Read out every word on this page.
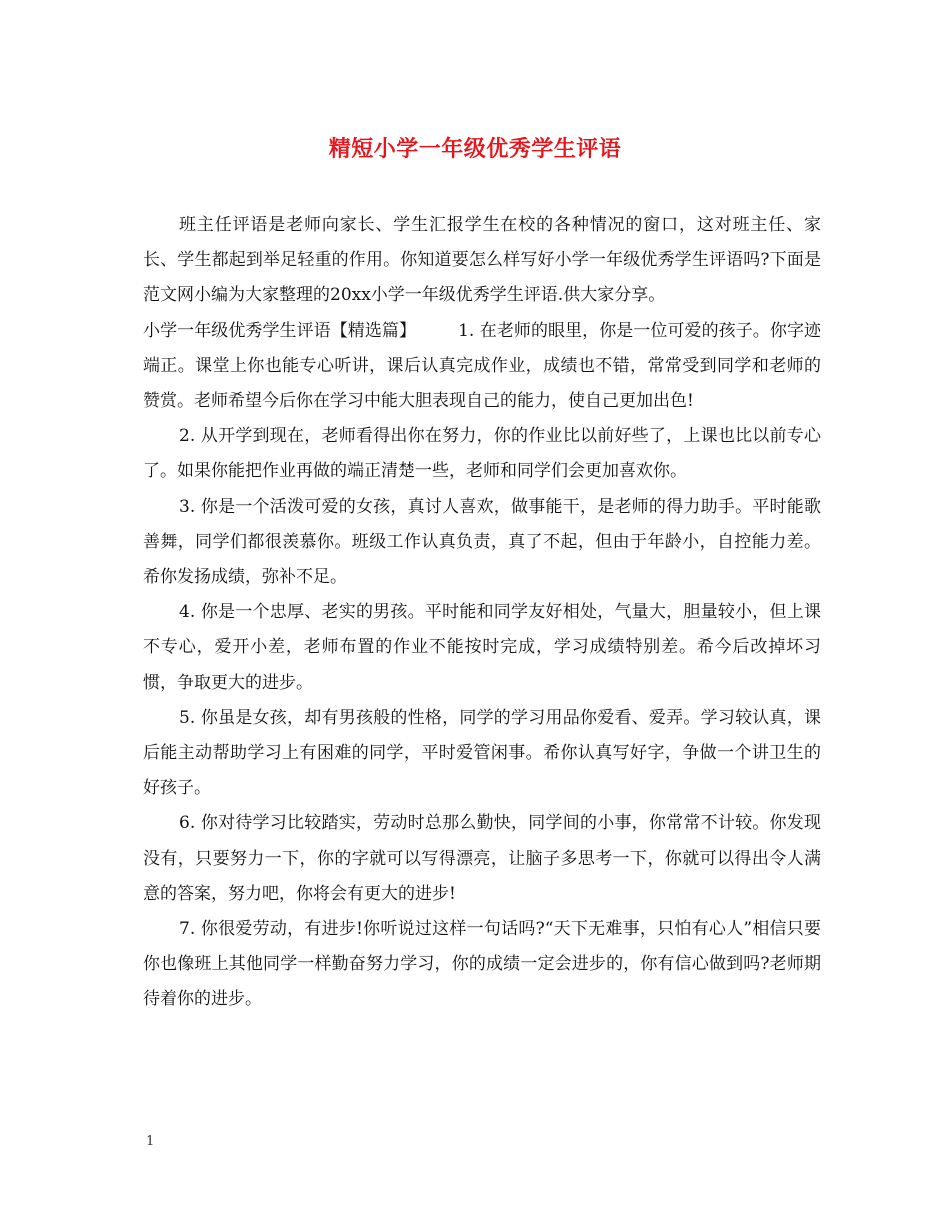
精短小学一年级优秀学生评语

班主任评语是老师向家长、学生汇报学生在校的各种情况的窗口，这对班主任、家长、学生都起到举足轻重的作用。你知道要怎么样写好小学一年级优秀学生评语吗?下面是范文网小编为大家整理的20xx小学一年级优秀学生评语.供大家分享。

小学一年级优秀学生评语【精选篇】 1. 在老师的眼里，你是一位可爱的孩子。你字迹端正。课堂上你也能专心听讲，课后认真完成作业，成绩也不错，常常受到同学和老师的赞赏。老师希望今后你在学习中能大胆表现自己的能力，使自己更加出色!

2. 从开学到现在，老师看得出你在努力，你的作业比以前好些了，上课也比以前专心了。如果你能把作业再做的端正清楚一些，老师和同学们会更加喜欢你。

3. 你是一个活泼可爱的女孩，真讨人喜欢，做事能干，是老师的得力助手。平时能歌善舞，同学们都很羡慕你。班级工作认真负责，真了不起，但由于年龄小，自控能力差。希你发扬成绩，弥补不足。

4. 你是一个忠厚、老实的男孩。平时能和同学友好相处，气量大，胆量较小，但上课不专心，爱开小差，老师布置的作业不能按时完成，学习成绩特别差。希今后改掉坏习惯，争取更大的进步。

5. 你虽是女孩，却有男孩般的性格，同学的学习用品你爱看、爱弄。学习较认真，课后能主动帮助学习上有困难的同学，平时爱管闲事。希你认真写好字，争做一个讲卫生的好孩子。

6. 你对待学习比较踏实，劳动时总那么勤快，同学间的小事，你常常不计较。你发现没有，只要努力一下，你的字就可以写得漂亮，让脑子多思考一下，你就可以得出令人满意的答案，努力吧，你将会有更大的进步!

7. 你很爱劳动，有进步!你听说过这样一句话吗?“天下无难事，只怕有心人”相信只要你也像班上其他同学一样勤奋努力学习，你的成绩一定会进步的，你有信心做到吗?老师期待着你的进步。

1
